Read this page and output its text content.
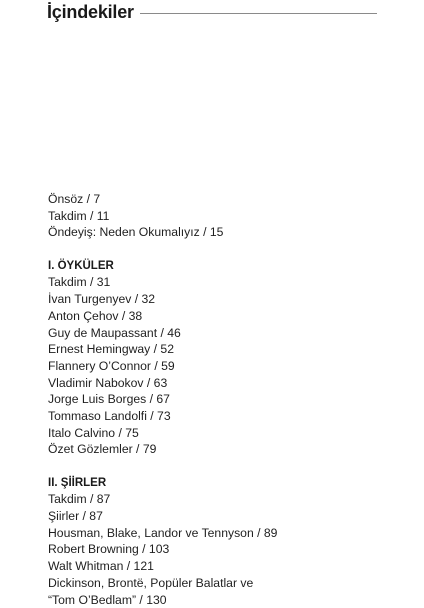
İçindekiler
Önsöz / 7
Takdim / 11
Öndeyiş: Neden Okumalıyız / 15
I. ÖYKÜLER
Takdim / 31
İvan Turgenyev / 32
Anton Çehov / 38
Guy de Maupassant / 46
Ernest Hemingway / 52
Flannery O’Connor / 59
Vladimir Nabokov / 63
Jorge Luis Borges / 67
Tommaso Landolfi / 73
Italo Calvino / 75
Özet Gözlemler / 79
II. ŞİİRLER
Takdim / 87
Şiirler / 87
Housman, Blake, Landor ve Tennyson / 89
Robert Browning / 103
Walt Whitman / 121
Dickinson, Brontë, Popüler Balatlar ve
“Tom O’Bedlam” / 130
